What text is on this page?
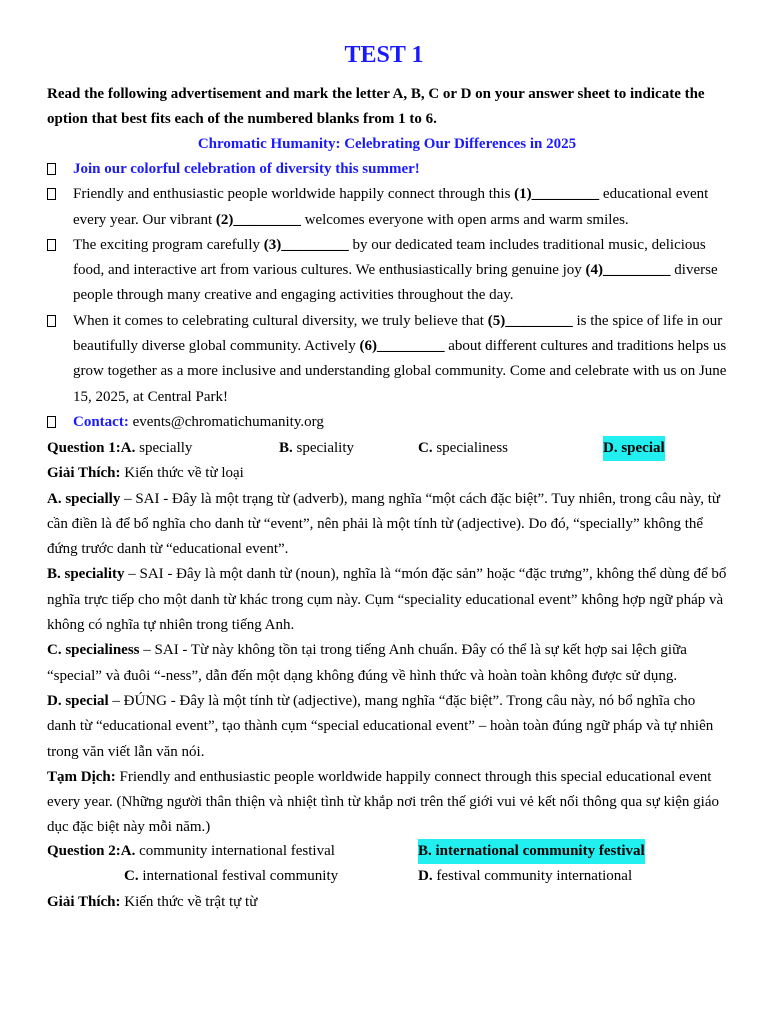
TEST 1
Read the following advertisement and mark the letter A, B, C or D on your answer sheet to indicate the option that best fits each of the numbered blanks from 1 to 6.
Chromatic Humanity: Celebrating Our Differences in 2025
Join our colorful celebration of diversity this summer!
Friendly and enthusiastic people worldwide happily connect through this (1)_________ educational event every year. Our vibrant (2)_________ welcomes everyone with open arms and warm smiles.
The exciting program carefully (3)_________ by our dedicated team includes traditional music, delicious food, and interactive art from various cultures. We enthusiastically bring genuine joy (4)_________ diverse people through many creative and engaging activities throughout the day.
When it comes to celebrating cultural diversity, we truly believe that (5)_________ is the spice of life in our beautifully diverse global community. Actively (6)_________ about different cultures and traditions helps us grow together as a more inclusive and understanding global community. Come and celebrate with us on June 15, 2025, at Central Park!
Contact: events@chromatichumanity.org
Question 1:A. specially	B. speciality	C. specialiness	D. special
Giải Thích: Kiến thức về từ loại
A. specially – SAI - Đây là một trạng từ (adverb), mang nghĩa “một cách đặc biệt”. Tuy nhiên, trong câu này, từ cần điền là để bổ nghĩa cho danh từ “event”, nên phải là một tính từ (adjective). Do đó, “specially” không thể đứng trước danh từ “educational event”.
B. speciality – SAI - Đây là một danh từ (noun), nghĩa là “món đặc sản” hoặc “đặc trưng”, không thể dùng để bổ nghĩa trực tiếp cho một danh từ khác trong cụm này. Cụm “speciality educational event” không hợp ngữ pháp và không có nghĩa tự nhiên trong tiếng Anh.
C. specialiness – SAI - Từ này không tồn tại trong tiếng Anh chuẩn. Đây có thể là sự kết hợp sai lệch giữa “special” và đuôi “-ness”, dẫn đến một dạng không đúng về hình thức và hoàn toàn không được sử dụng.
D. special – ĐÚNG - Đây là một tính từ (adjective), mang nghĩa “đặc biệt”. Trong câu này, nó bổ nghĩa cho danh từ “educational event”, tạo thành cụm “special educational event” – hoàn toàn đúng ngữ pháp và tự nhiên trong văn viết lẫn văn nói.
Tạm Dịch: Friendly and enthusiastic people worldwide happily connect through this special educational event every year. (Những người thân thiện và nhiệt tình từ khắp nơi trên thế giới vui vẻ kết nối thông qua sự kiện giáo dục đặc biệt này mỗi năm.)
Question 2:A. community international festival	B. international community festival
C. international festival community	D. festival community international
Giải Thích: Kiến thức về trật tự từ
